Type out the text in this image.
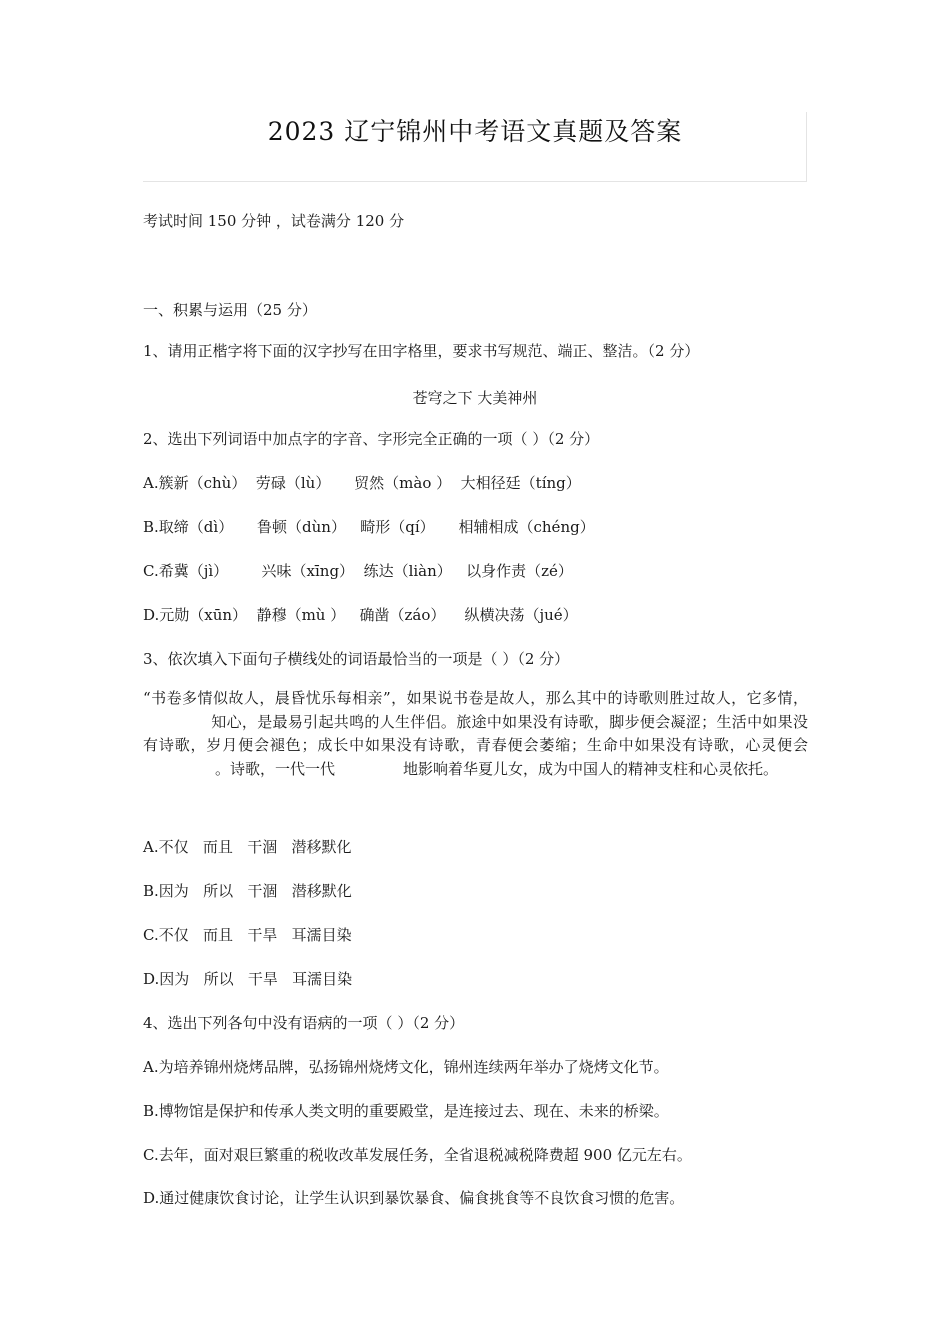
2023 辽宁锦州中考语文真题及答案
考试时间 150 分钟 ，试卷满分 120 分
一、积累与运用（25 分）
1、请用正楷字将下面的汉字抄写在田字格里，要求书写规范、端正、整洁。（2 分）
苍穹之下 大美神州
2、选出下列词语中加点字的字音、字形完全正确的一项（ ）（2 分）
A.簇新（chù）  劳碌（lù）     贸然（mào ）  大相径廷（tíng）
B.取缔（dì）     鲁顿（dùn）   畸形（qí）     相辅相成（chéng）
C.希冀（jì）       兴味（xīng）  练达（liàn）   以身作责（zé）
D.元勋（xūn）  静穆（mù ）   确凿（záo）    纵横决荡（jué）
3、依次填入下面句子横线处的词语最恰当的一项是（ ）（2 分）
“书卷多情似故人，晨昏忧乐每相亲”，如果说书卷是故人，那么其中的诗歌则胜过故人，它多情，知心，是最易引起共鸣的人生伴侣。旅途中如果没有诗歌，脚步便会凝涩；生活中如果没有诗歌，岁月便会褪色；成长中如果没有诗歌，青春便会萎缩；生命中如果没有诗歌，心灵便会。诗歌，一代一代	地影响着华夏儿女，成为中国人的精神支柱和心灵依托。
A.不仅   而且   干涸   潜移默化
B.因为   所以   干涸   潜移默化
C.不仅   而且   干旱   耳濡目染
D.因为   所以   干旱   耳濡目染
4、选出下列各句中没有语病的一项（ ）（2 分）
A.为培养锦州烧烤品牌，弘扬锦州烧烤文化，锦州连续两年举办了烧烤文化节。
B.博物馆是保护和传承人类文明的重要殿堂，是连接过去、现在、未来的桥梁。
C.去年，面对艰巨繁重的税收改革发展任务，全省退税减税降费超 900 亿元左右。
D.通过健康饮食讨论，让学生认识到暴饮暴食、偏食挑食等不良饮食习惯的危害。
